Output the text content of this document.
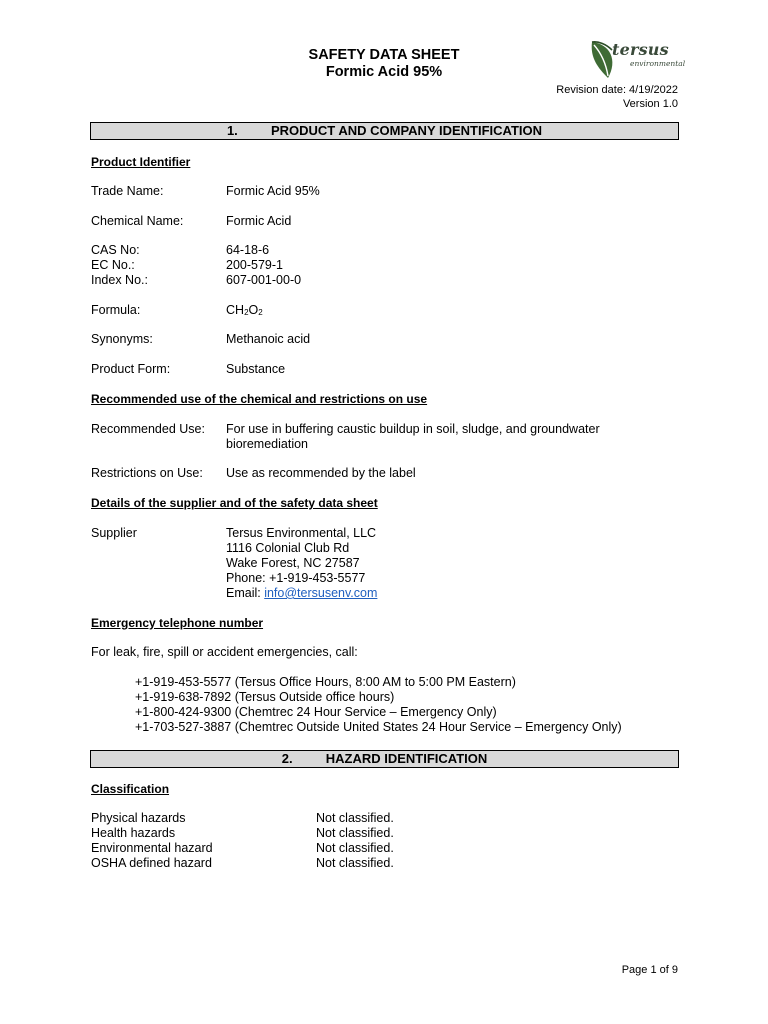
SAFETY DATA SHEET
Formic Acid 95%
tersus
environmental
Revision date: 4/19/2022
Version 1.0
1.	PRODUCT AND COMPANY IDENTIFICATION
Product Identifier
Trade Name:	Formic Acid 95%
Chemical Name:	Formic Acid
CAS No:	64-18-6
EC No.:	200-579-1
Index No.:	607-001-00-0
Formula:	$CH_2O_2$
Synonyms:	Methanoic acid
Product Form:	Substance
Recommended use of the chemical and restrictions on use
Recommended Use: For use in buffering caustic buildup in soil, sludge, and groundwater
bioremediation
Restrictions on Use: Use as recommended by the label
Details of the supplier and of the safety data sheet
Supplier	Tersus Environmental, LLC
1116 Colonial Club Rd
Wake Forest, NC 27587
Phone: +1-919-453-5577
Email: info@tersusenv.com
Emergency telephone number
For leak, fire, spill or accident emergencies, call:
+1-919-453-5577 (Tersus Office Hours, 8:00 AM to 5:00 PM Eastern)
+1-919-638-7892 (Tersus Outside office hours)
+1-800-424-9300 (Chemtrec 24 Hour Service – Emergency Only)
+1-703-527-3887 (Chemtrec Outside United States 24 Hour Service – Emergency Only)
2.	HAZARD IDENTIFICATION
Classification
Physical hazards	Not classified.
Health hazards	Not classified.
Environmental hazard	Not classified.
OSHA defined hazard	Not classified.
Page 1 of 9
